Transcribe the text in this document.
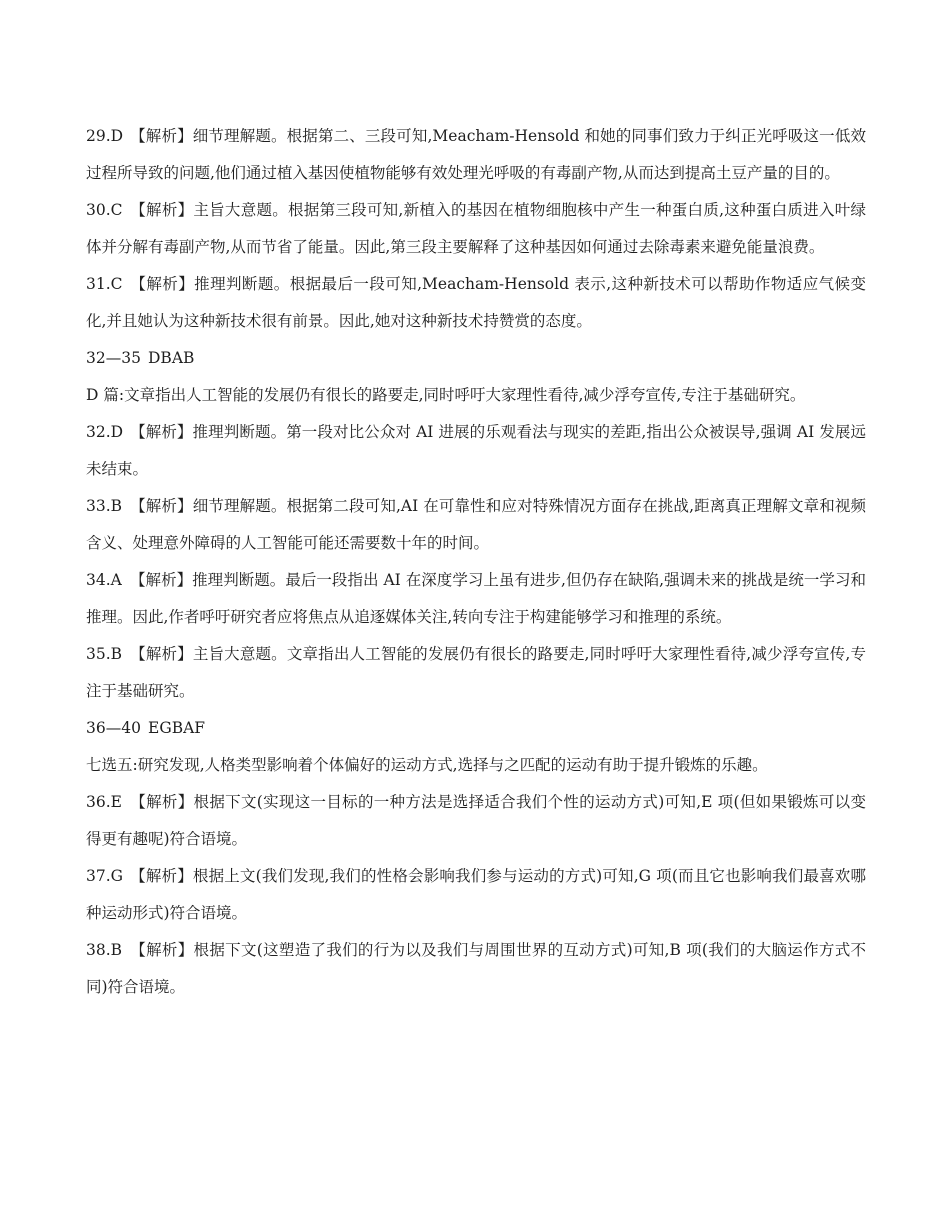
29.D 【解析】细节理解题。根据第二、三段可知,Meacham-Hensold 和她的同事们致力于纠正光呼吸这一低效过程所导致的问题,他们通过植入基因使植物能够有效处理光呼吸的有毒副产物,从而达到提高土豆产量的目的。

30.C 【解析】主旨大意题。根据第三段可知,新植入的基因在植物细胞核中产生一种蛋白质,这种蛋白质进入叶绿体并分解有毒副产物,从而节省了能量。因此,第三段主要解释了这种基因如何通过去除毒素来避免能量浪费。

31.C 【解析】推理判断题。根据最后一段可知,Meacham-Hensold 表示,这种新技术可以帮助作物适应气候变化,并且她认为这种新技术很有前景。因此,她对这种新技术持赞赏的态度。

32—35 DBAB

D 篇:文章指出人工智能的发展仍有很长的路要走,同时呼吁大家理性看待,减少浮夸宣传,专注于基础研究。

32.D 【解析】推理判断题。第一段对比公众对 AI 进展的乐观看法与现实的差距,指出公众被误导,强调 AI 发展远未结束。

33.B 【解析】细节理解题。根据第二段可知,AI 在可靠性和应对特殊情况方面存在挑战,距离真正理解文章和视频含义、处理意外障碍的人工智能可能还需要数十年的时间。

34.A 【解析】推理判断题。最后一段指出 AI 在深度学习上虽有进步,但仍存在缺陷,强调未来的挑战是统一学习和推理。因此,作者呼吁研究者应将焦点从追逐媒体关注,转向专注于构建能够学习和推理的系统。

35.B 【解析】主旨大意题。文章指出人工智能的发展仍有很长的路要走,同时呼吁大家理性看待,减少浮夸宣传,专注于基础研究。

36—40 EGBAF

七选五:研究发现,人格类型影响着个体偏好的运动方式,选择与之匹配的运动有助于提升锻炼的乐趣。

36.E 【解析】根据下文(实现这一目标的一种方法是选择适合我们个性的运动方式)可知,E 项(但如果锻炼可以变得更有趣呢)符合语境。

37.G 【解析】根据上文(我们发现,我们的性格会影响我们参与运动的方式)可知,G 项(而且它也影响我们最喜欢哪种运动形式)符合语境。

38.B 【解析】根据下文(这塑造了我们的行为以及我们与周围世界的互动方式)可知,B 项(我们的大脑运作方式不同)符合语境。
